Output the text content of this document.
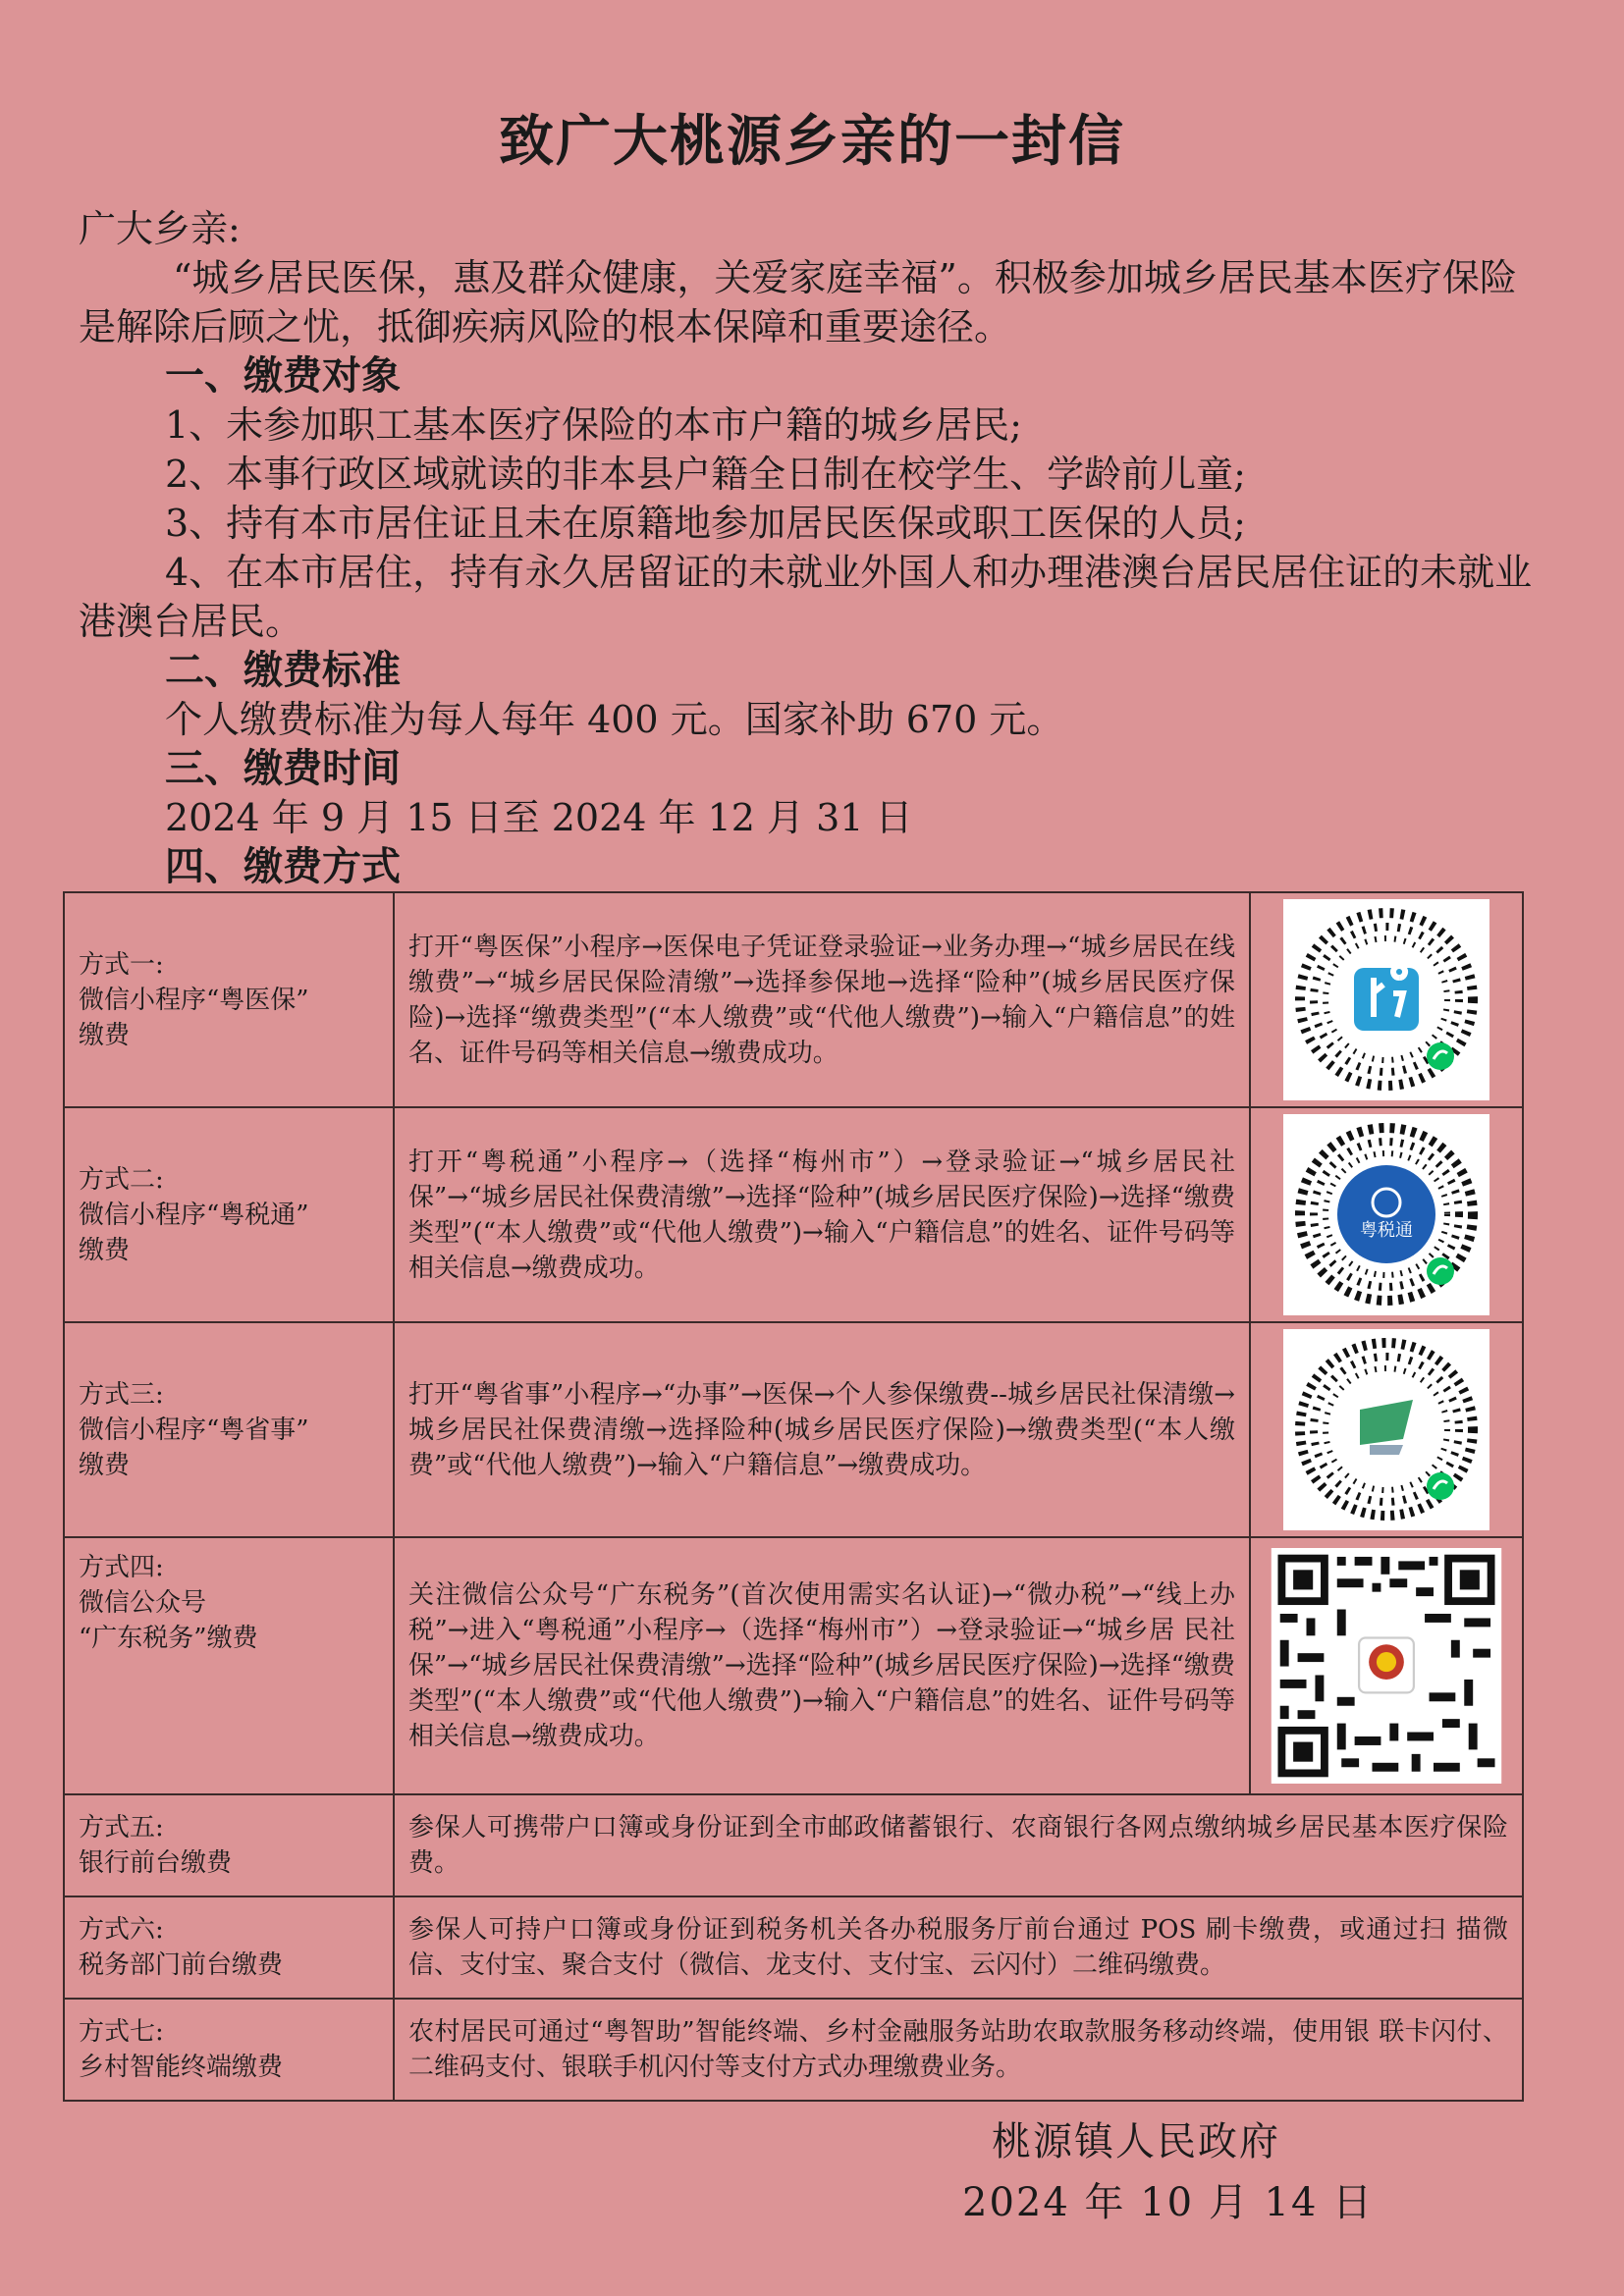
致广大桃源乡亲的一封信

广大乡亲:

“城乡居民医保，惠及群众健康，关爱家庭幸福”。积极参加城乡居民基本医疗保险是解除后顾之忧，抵御疾病风险的根本保障和重要途径。

一、缴费对象

1、未参加职工基本医疗保险的本市户籍的城乡居民;

2、本事行政区域就读的非本县户籍全日制在校学生、学龄前儿童;

3、持有本市居住证且未在原籍地参加居民医保或职工医保的人员;

4、在本市居住，持有永久居留证的未就业外国人和办理港澳台居民居住证的未就业港澳台居民。

二、缴费标准

个人缴费标准为每人每年 400 元。国家补助 670 元。

三、缴费时间

2024 年 9 月 15 日至 2024 年 12 月 31 日

四、缴费方式

方式一:
微信小程序“粤医保”
缴费	打开“粤医保”小程序→医保电子凭证登录验证→业务办理→“城乡居民在线缴费”→“城乡居民保险清缴”→选择参保地→选择“险种”(城乡居民医疗保险)→选择“缴费类型”(“本人缴费”或“代他人缴费”)→输入“户籍信息”的姓名、证件号码等相关信息→缴费成功。	

方式二:
微信小程序“粤税通”
缴费	打开“粤税通”小程序→（选择“梅州市”）→登录验证→“城乡居民社保”→“城乡居民社保费清缴”→选择“险种”(城乡居民医疗保险)→选择“缴费类型”(“本人缴费”或“代他人缴费”)→输入“户籍信息”的姓名、证件号码等相关信息→缴费成功。	粤税通

方式三:
微信小程序“粤省事”
缴费	打开“粤省事”小程序→“办事”→医保→个人参保缴费--城乡居民社保清缴→城乡居民社保费清缴→选择险种(城乡居民医疗保险)→缴费类型(“本人缴费”或“代他人缴费”)→输入“户籍信息”→缴费成功。	

方式四:
微信公众号
“广东税务”缴费	关注微信公众号“广东税务”(首次使用需实名认证)→“微办税”→“线上办税”→进入“粤税通”小程序→（选择“梅州市”）→登录验证→“城乡居 民社保”→“城乡居民社保费清缴”→选择“险种”(城乡居民医疗保险)→选择“缴费类型”(“本人缴费”或“代他人缴费”)→输入“户籍信息”的姓名、证件号码等相关信息→缴费成功。	

方式五:
银行前台缴费	参保人可携带户口簿或身份证到全市邮政储蓄银行、农商银行各网点缴纳城乡居民基本医疗保险费。	

方式六:
税务部门前台缴费	参保人可持户口簿或身份证到税务机关各办税服务厅前台通过 POS 刷卡缴费，或通过扫 描微信、支付宝、聚合支付（微信、龙支付、支付宝、云闪付）二维码缴费。	

方式七:
乡村智能终端缴费	农村居民可通过“粤智助”智能终端、乡村金融服务站助农取款服务移动终端，使用银 联卡闪付、二维码支付、银联手机闪付等支付方式办理缴费业务。	
桃源镇人民政府
2024 年 10 月 14 日
